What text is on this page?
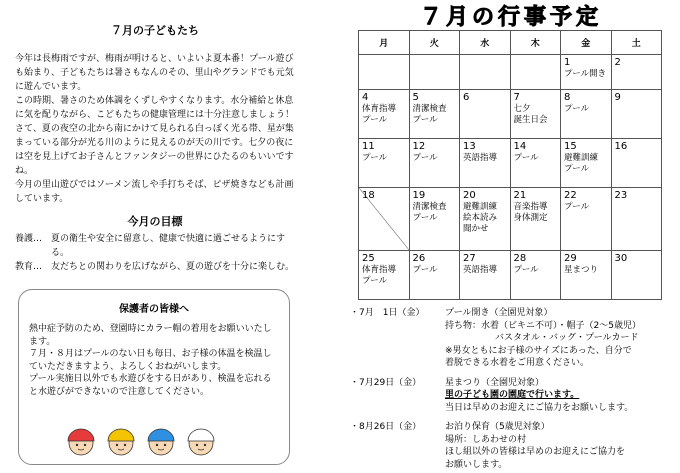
７月の子どもたち

今年は長梅雨ですが、梅雨が明けると、いよいよ夏本番！プール遊びも始まり、子どもたちは暑さもなんのその、里山やグランドでも元気に遊んでいます。

この時期、暑さのため体調をくずしやすくなります。水分補給と休息に気を配りながら、こどもたちの健康管理には十分注意しましょう！

さて、夏の夜空の北から南にかけて見られる白っぽく光る帯、星が集まっている部分が光る川のように見えるのが天の川です。七夕の夜には空を見上げてお子さんとファンタジーの世界にひたるのもいいですね。

今月の里山遊びではソーメン流しや手打ちそば、ピザ焼きなども計画しています。

今月の目標
養護… 夏の衛生や安全に留意し、健康で快適に過ごせるようにする。
教育… 友だちとの関わりを広げながら、夏の遊びを十分に楽しむ。
保護者の皆様へ

熱中症予防のため、登園時にカラー帽の着用をお願いいたします。

７月・８月はプールのない日も毎日、お子様の体温を検温していただきますよう、よろしくおねがいします。

プール実施日以外でも水遊びをする日があり、検温を忘れると水遊びができないので注意してください。

７月の行事予定
月	火	水	木	金	土

				1
プール開き	2

4
体育指導
プール	5
清潔検査
プール	6	7
七夕
誕生日会	8
プール	9

11
プール	12
プール	13
英語指導	14
プール	15
避難訓練
プール	16

18	19
清潔検査
プール	20
避難訓練
絵本読み
聞かせ	21
音楽指導
身体測定	22
プール	23

25
体育指導
プール	26
プール	27
英語指導	28
プール	29
星まつり	30
・7月　1日（金）	プール開き（全園児対象）
持ち物：水着（ビキニ不可）・帽子（2～5歳児）
バスタオル・バッグ・プールカード
※男女ともにお子様のサイズにあった、自分で
着脱できる水着をご用意ください。
・7月29日（金）	星まつり（全園児対象）
里の子ども園の園庭で行います。
当日は早めのお迎えにご協力をお願いします。
・8月26日（金）	お泊り保育（5歳児対象）
場所：しあわせの村
ほし組以外の皆様は早めのお迎えにご協力を
お願いします。
